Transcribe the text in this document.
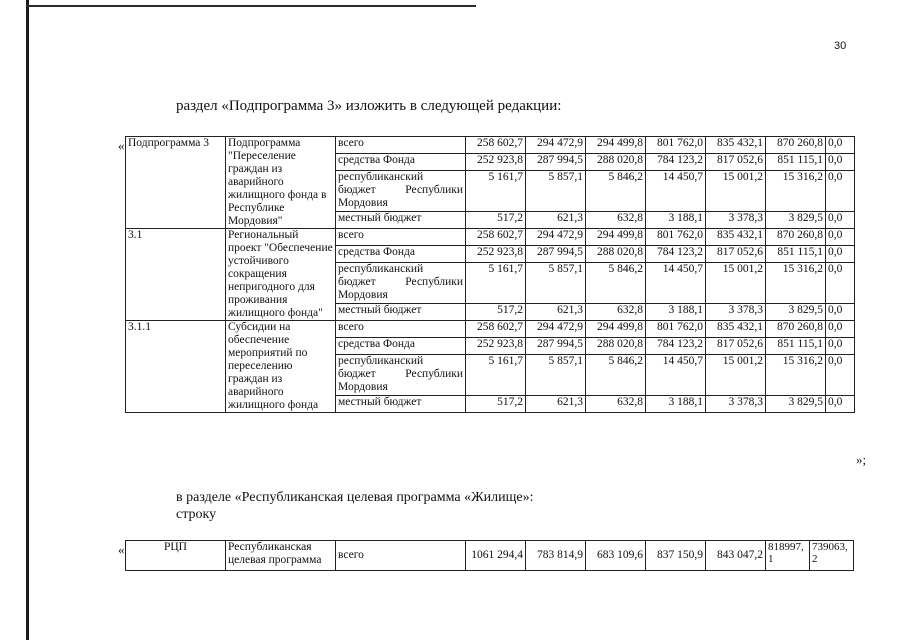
30
раздел «Подпрограмма 3» изложить в следующей редакции:
« Подпрограмма 3	Подпрограмма "Переселение граждан из аварийного жилищного фонда в Республике Мордовия"	всего	258 602,7	294 472,9	294 499,8	801 762,0	835 432,1	870 260,8	0,0
		средства Фонда	252 923,8	287 994,5	288 020,8	784 123,2	817 052,6	851 115,1	0,0

		республиканский
бюджет Республики
Мордовия	5 161,7	5 857,1	5 846,2	14 450,7	15 001,2	15 316,2	0,0
		местный бюджет	517,2	621,3	632,8	3 188,1	3 378,3	3 829,5	0,0
3.1	Региональный проект "Обеспечение устойчивого сокращения непригодного для проживания жилищного фонда"	всего	258 602,7	294 472,9	294 499,8	801 762,0	835 432,1	870 260,8	0,0
		средства Фонда	252 923,8	287 994,5	288 020,8	784 123,2	817 052,6	851 115,1	0,0

		республиканский
бюджет Республики
Мордовия	5 161,7	5 857,1	5 846,2	14 450,7	15 001,2	15 316,2	0,0
		местный бюджет	517,2	621,3	632,8	3 188,1	3 378,3	3 829,5	0,0
3.1.1	Субсидии на обеспечение мероприятий по переселению граждан из аварийного жилищного фонда	всего	258 602,7	294 472,9	294 499,8	801 762,0	835 432,1	870 260,8	0,0
		средства Фонда	252 923,8	287 994,5	288 020,8	784 123,2	817 052,6	851 115,1	0,0

		республиканский
бюджет Республики
Мордовия	5 161,7	5 857,1	5 846,2	14 450,7	15 001,2	15 316,2	0,0
		местный бюджет	517,2	621,3	632,8	3 188,1	3 378,3	3 829,5	0,0
»;
в разделе «Республиканская целевая программа «Жилище»:
строку
«	РЦП	Республиканская целевая программа	всего	1061 294,4	783 814,9	683 109,6	837 150,9	843 047,2	818997,1	739063,2
